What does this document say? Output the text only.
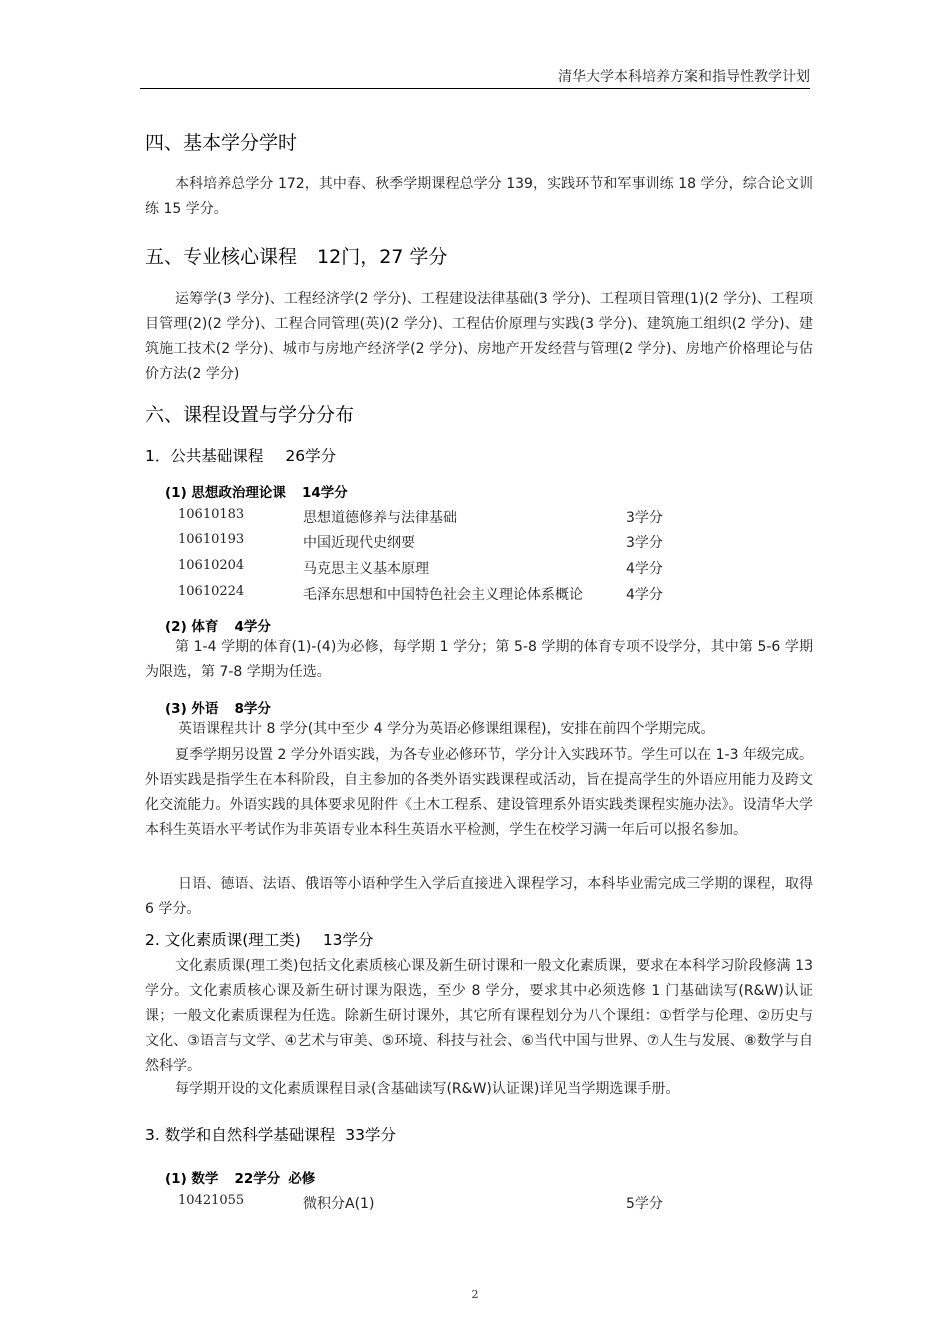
清华大学本科培养方案和指导性教学计划
四、基本学分学时
本科培养总学分 172，其中春、秋季学期课程总学分 139，实践环节和军事训练 18 学分，综合论文训练 15 学分。
五、专业核心课程 12门，27 学分
运筹学(3 学分)、工程经济学(2 学分)、工程建设法律基础(3 学分)、工程项目管理(1)(2 学分)、工程项目管理(2)(2 学分)、工程合同管理(英)(2 学分)、工程估价原理与实践(3 学分)、建筑施工组织(2 学分)、建筑施工技术(2 学分)、城市与房地产经济学(2 学分)、房地产开发经营与管理(2 学分)、房地产价格理论与估价方法(2 学分)
六、课程设置与学分分布
1．公共基础课程 26学分
(1) 思想政治理论课 14学分
10610183	思想道德修养与法律基础	3学分
10610193	中国近现代史纲要	3学分
10610204	马克思主义基本原理	4学分
10610224	毛泽东思想和中国特色社会主义理论体系概论	4学分
(2) 体育 4学分
第 1-4 学期的体育(1)-(4)为必修，每学期 1 学分；第 5-8 学期的体育专项不设学分，其中第 5-6 学期为限选，第 7-8 学期为任选。
(3) 外语 8学分
英语课程共计 8 学分(其中至少 4 学分为英语必修课组课程)，安排在前四个学期完成。
夏季学期另设置 2 学分外语实践，为各专业必修环节，学分计入实践环节。学生可以在 1-3 年级完成。外语实践是指学生在本科阶段，自主参加的各类外语实践课程或活动，旨在提高学生的外语应用能力及跨文化交流能力。外语实践的具体要求见附件《土木工程系、建设管理系外语实践类课程实施办法》。设清华大学本科生英语水平考试作为非英语专业本科生英语水平检测，学生在校学习满一年后可以报名参加。
日语、德语、法语、俄语等小语种学生入学后直接进入课程学习，本科毕业需完成三学期的课程，取得 6 学分。
2. 文化素质课(理工类) 13学分
文化素质课(理工类)包括文化素质核心课及新生研讨课和一般文化素质课，要求在本科学习阶段修满 13 学分。文化素质核心课及新生研讨课为限选，至少 8 学分，要求其中必须选修 1 门基础读写(R&W)认证课；一般文化素质课程为任选。除新生研讨课外，其它所有课程划分为八个课组：①哲学与伦理、②历史与文化、③语言与文学、④艺术与审美、⑤环境、科技与社会、⑥当代中国与世界、⑦人生与发展、⑧数学与自然科学。
每学期开设的文化素质课程目录(含基础读写(R&W)认证课)详见当学期选课手册。
3. 数学和自然科学基础课程 33学分
(1) 数学 22学分 必修
10421055	微积分A(1)	5学分
2
